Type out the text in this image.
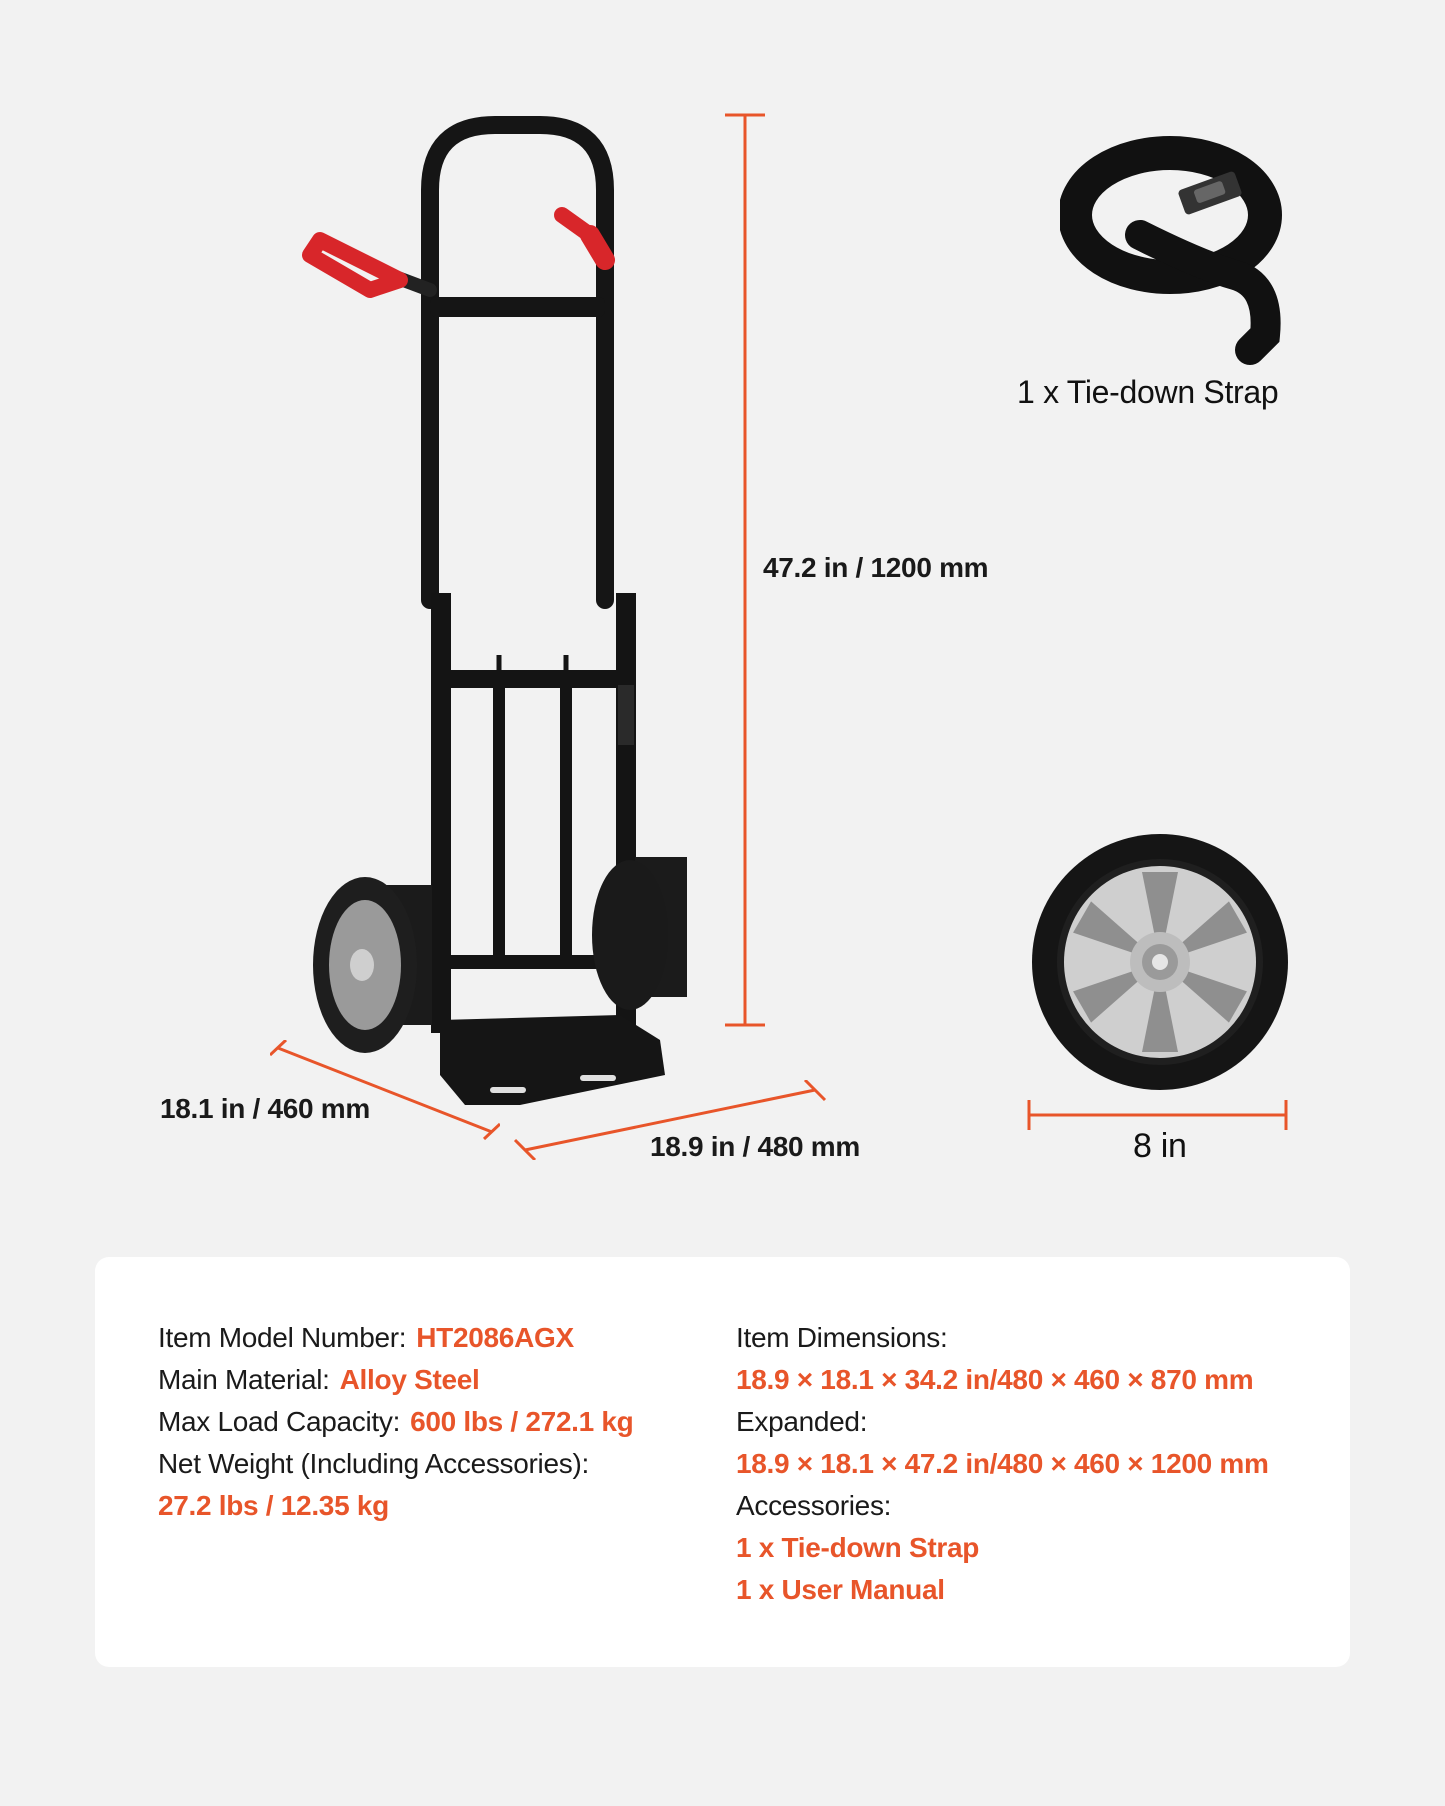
47.2 in / 1200 mm
18.1 in / 460 mm
18.9 in / 480 mm
1 x Tie-down Strap
8 in
Item Model Number: HT2086AGX
Main Material: Alloy Steel
Max Load Capacity: 600 lbs / 272.1 kg
Net Weight (Including Accessories):
27.2 lbs / 12.35 kg
Item Dimensions:
18.9 × 18.1 × 34.2 in/480 × 460 × 870 mm
Expanded:
18.9 × 18.1 × 47.2 in/480 × 460 × 1200 mm
Accessories:
1 x Tie-down Strap
1 x User Manual
